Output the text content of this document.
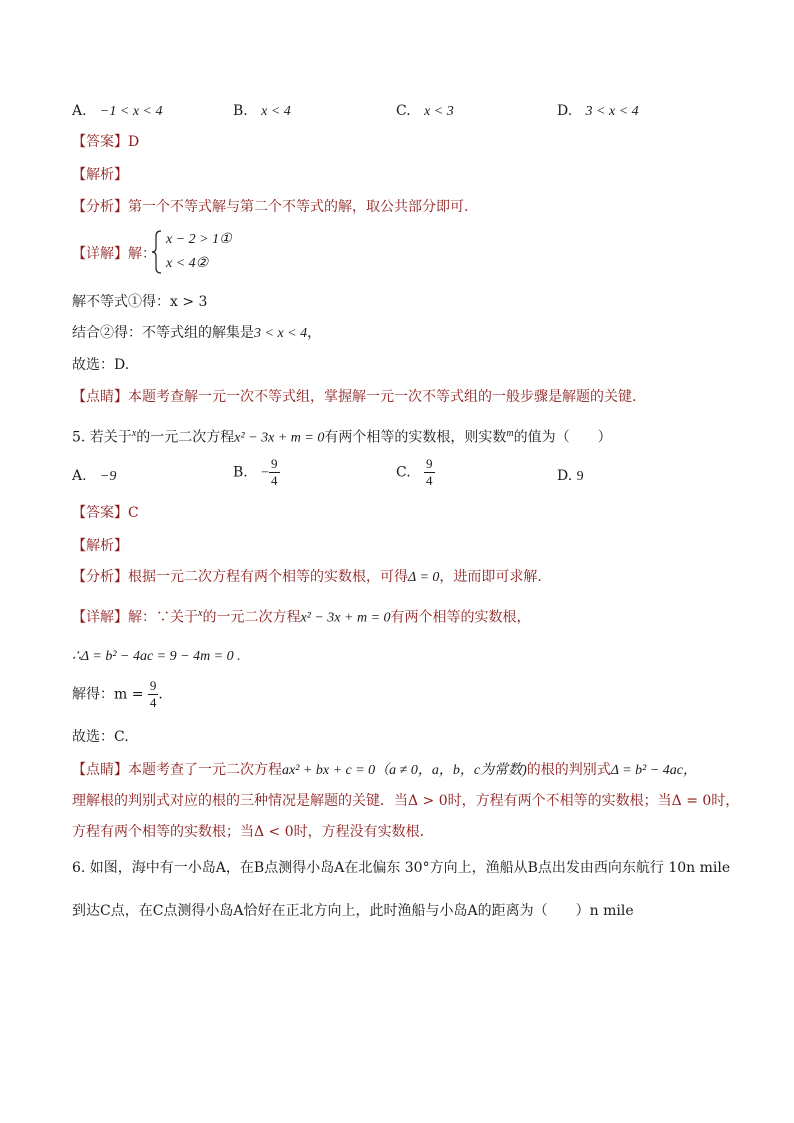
A. −1 < x < 4	B. x < 4	C. x < 3	D. 3 < x < 4
【答案】D
【解析】
【分析】第一个不等式解与第二个不等式的解，取公共部分即可.
【详解】解：
x − 2 > 1①
x < 4②
解不等式①得：x > 3
结合②得：不等式组的解集是3 < x < 4，
故选：D.
【点睛】本题考查解一元一次不等式组，掌握解一元一次不等式组的一般步骤是解题的关键.
5. 若关于$^x$的一元二次方程x² − 3x + m = 0有两个相等的实数根，则实数$^m$的值为（　　）
A. −9	B. − $\frac{9}{4}$	C. $\frac{9}{4}$	D. 9
【答案】C
【解析】
【分析】根据一元二次方程有两个相等的实数根，可得Δ = 0，进而即可求解.
【详解】解：∵关于$^x$的一元二次方程x² − 3x + m = 0有两个相等的实数根，
∴Δ = b² − 4ac = 9 − 4m = 0 .
解得：$m = \frac{9}{4}$ .
故选：C.
【点睛】本题考查了一元二次方程ax² + bx + c = 0（a ≠ 0，a，b，c为常数)的根的判别式Δ = b² − 4ac，
理解根的判别式对应的根的三种情况是解题的关键．当Δ > 0时，方程有两个不相等的实数根；当Δ = 0时，
方程有两个相等的实数根；当Δ < 0时，方程没有实数根．
6. 如图，海中有一小岛A，在B点测得小岛A在北偏东 30°方向上，渔船从B点出发由西向东航行 10n mile
到达C点，在C点测得小岛A恰好在正北方向上，此时渔船与小岛A的距离为（　　）n mile
